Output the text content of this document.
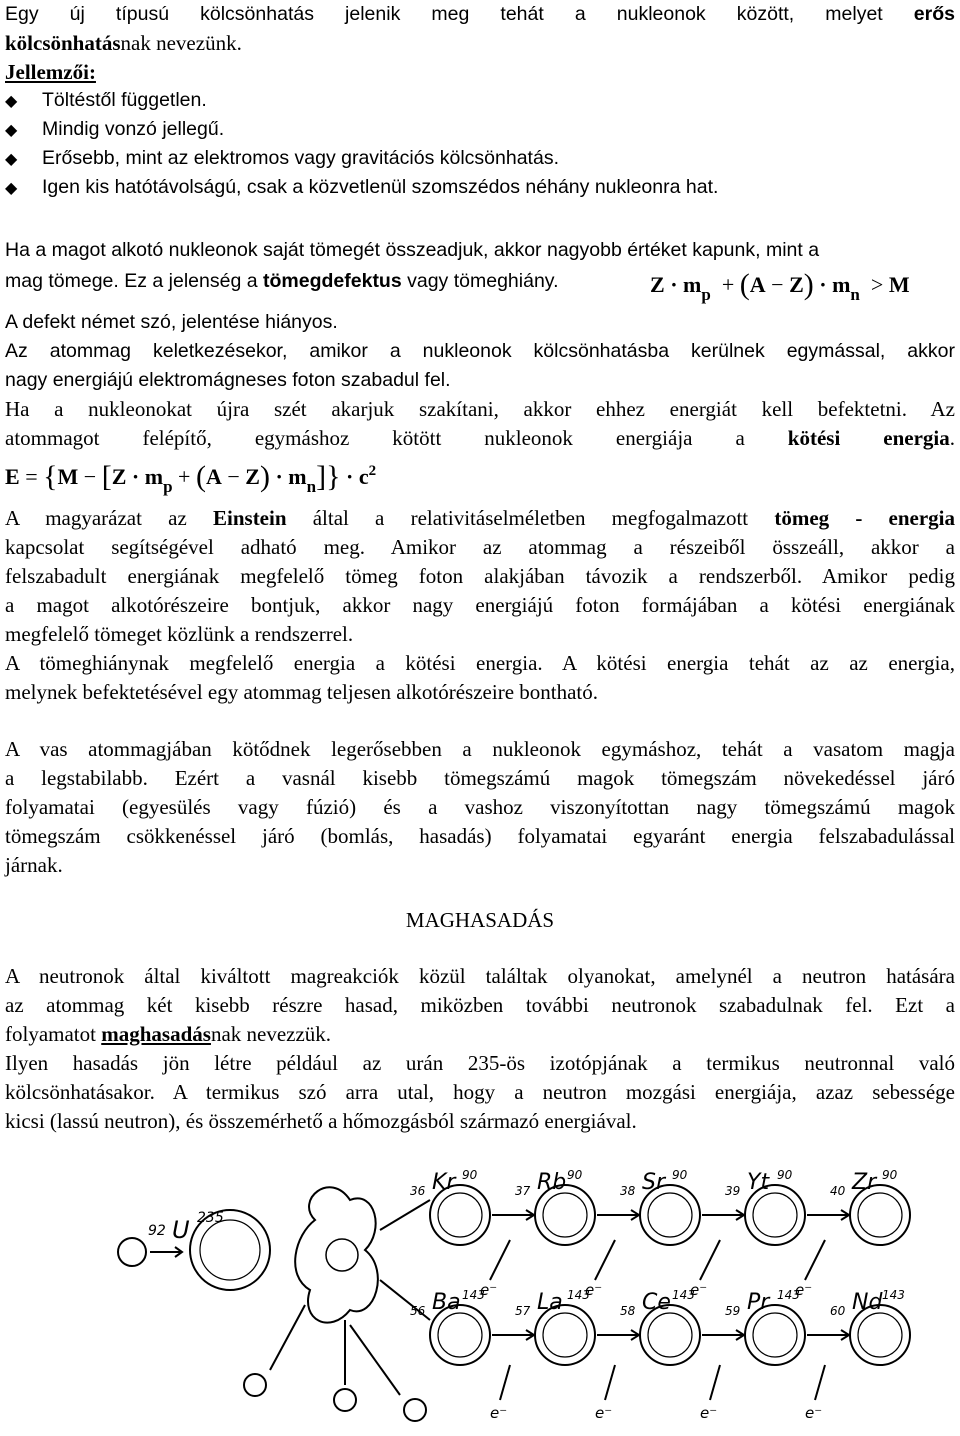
Egy új típusú kölcsönhatás jelenik meg tehát a nukleonok között, melyet erős
kölcsönhatásnak nevezünk.
Jellemzői:
◆ Töltéstől független.
◆ Mindig vonzó jellegű.
◆ Erősebb, mint az elektromos vagy gravitációs kölcsönhatás.
◆ Igen kis hatótávolságú, csak a közvetlenül szomszédos néhány nukleonra hat.
Ha a magot alkotó nukleonok saját tömegét összeadjuk, akkor nagyobb értéket kapunk, mint a
mag tömege. Ez a jelenség a tömegdefektus vagy tömeghiány.	$Z \cdot m_p + (A - Z) \cdot m_n > M$
A defekt német szó, jelentése hiányos.
Az atommag keletkezésekor, amikor a nukleonok kölcsönhatásba kerülnek egymással, akkor
nagy energiájú elektromágneses foton szabadul fel.
Ha a nukleonokat újra szét akarjuk szakítani, akkor ehhez energiát kell befektetni. Az
atommagot felépítő, egymáshoz kötött nukleonok energiája a kötési energia.
$E = \{M - [Z \cdot m_p + (A - Z) \cdot m_n]\} \cdot c^2$
A magyarázat az Einstein által a relativitáselméletben megfogalmazott tömeg - energia
kapcsolat segítségével adható meg. Amikor az atommag a részeiből összeáll, akkor a
felszabadult energiának megfelelő tömeg foton alakjában távozik a rendszerből. Amikor pedig
a magot alkotórészeire bontjuk, akkor nagy energiájú foton formájában a kötési energiának
megfelelő tömeget közlünk a rendszerrel.
A tömeghiánynak megfelelő energia a kötési energia. A kötési energia tehát az az energia,
melynek befektetésével egy atommag teljesen alkotórészeire bontható.
A vas atommagjában kötődnek legerősebben a nukleonok egymáshoz, tehát a vasatom magja
a legstabilabb. Ezért a vasnál kisebb tömegszámú magok tömegszám növekedéssel járó
folyamatai (egyesülés vagy fúzió) és a vashoz viszonyítottan nagy tömegszámú magok
tömegszám csökkenéssel járó (bomlás, hasadás) folyamatai egyaránt energia felszabadulással
járnak.
MAGHASADÁS
A neutronok által kiváltott magreakciók közül találtak olyanokat, amelynél a neutron hatására
az atommag két kisebb részre hasad, miközben további neutronok szabadulnak fel. Ezt a
folyamatot maghasadásnak nevezzük.
Ilyen hasadás jön létre például az urán 235-ös izotópjának a termikus neutronnal való
kölcsönhatásakor. A termikus szó arra utal, hogy a neutron mozgási energiája, azaz sebessége
kicsi (lassú neutron), és összemérhető a hőmozgásból származó energiával.
92 U 235
36 Kr 90
37 Rb 90
38 Sr 90
39 Yt 90
40 Zr 90
56 Ba 143
57 La 143
58 Ce 143
59 Pr 143
60 Nd 143
e⁻	e⁻	e⁻	e⁻
e⁻	e⁻	e⁻	e⁻
